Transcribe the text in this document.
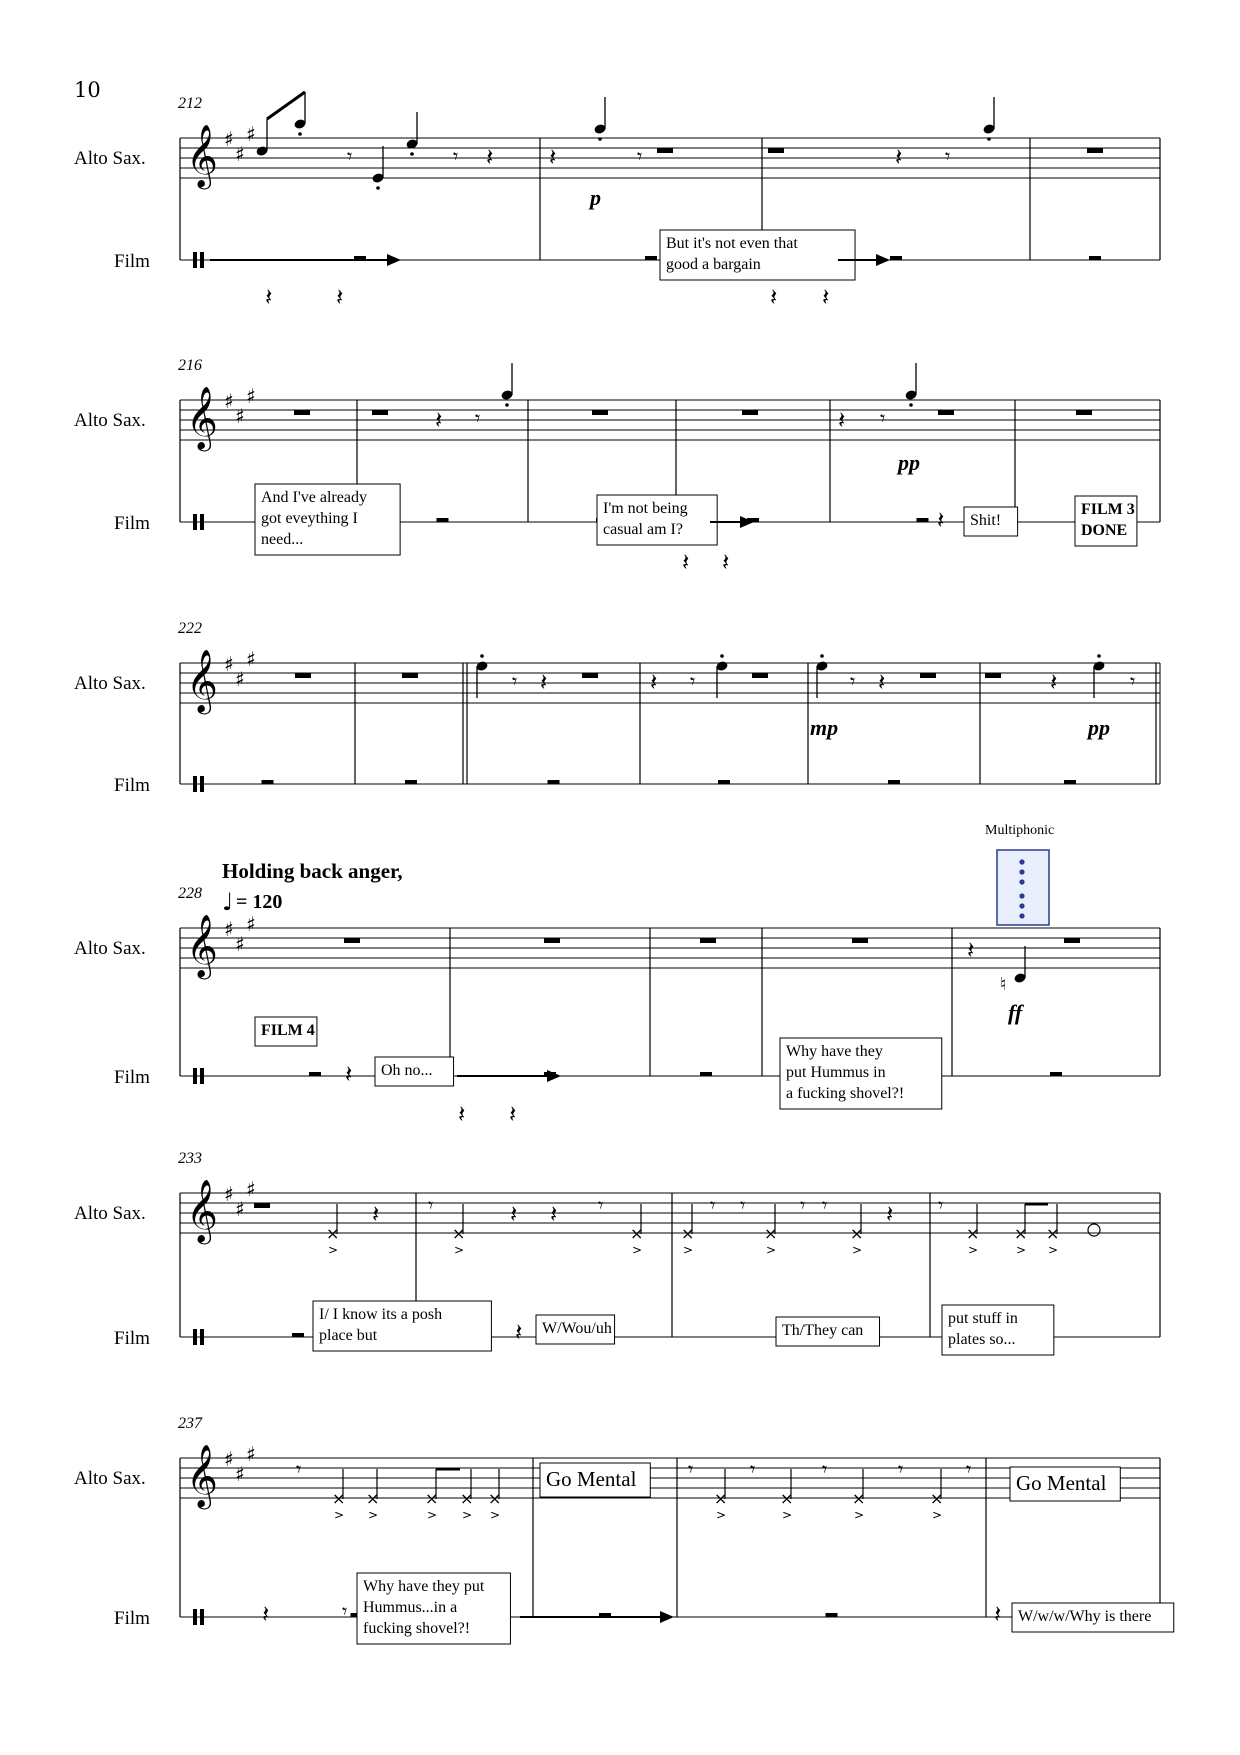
10
𝄞 ♯
♯
♯
Alto Sax.
Film
212
𝄾	𝄾 𝄽 𝄽	𝄾	𝄽 𝄾
p
𝄽	𝄽
But it's not even that
good a bargain
𝄽 𝄽
𝄞 ♯
♯
♯
Alto Sax.
Film
216
𝄽 𝄾	𝄽 𝄾
pp
And I've already
got eveything I
need...
I'm not being
casual am I?
𝄽 𝄽
𝄽 Shit!
FILM 3
DONE
𝄞 ♯
♯
♯
Alto Sax.
Film
222
𝄾 𝄽	𝄽 𝄾	𝄾 𝄽	𝄽	𝄾
mp	pp
𝄞 ♯
♯
♯
Alto Sax.
Film
228
Holding back anger,
♩ = 120
𝄽
♮
ff
Multiphonic
FILM 4
𝄽 Oh no...
𝄽 𝄽
Why have they
put Hummus in
a fucking shovel?!
𝄞 ♯
♯
♯
Alto Sax.
Film
233
×
>
𝄽 𝄾
×
>
𝄽 𝄽 𝄾
×
>
×
>
𝄾 𝄾
×
>
𝄾 𝄾
×
>
𝄽 𝄾
×
>
×
>
×
>
I/ I know its a posh
place but	𝄽 W/Wou/uh	Th/They can
put stuff in
plates so...
𝄞 ♯
♯
♯
Alto Sax.
Film
237
𝄾
×
>
×
>
×
>
×
>
×
>
Go Mental	𝄾
×
>
𝄾
×
>
𝄾
×
>
𝄾
×
>
𝄾
Go Mental
𝄽	𝄾
Why have they put
Hummus...in a
fucking shovel?!
𝄽 W/w/w/Why is there
